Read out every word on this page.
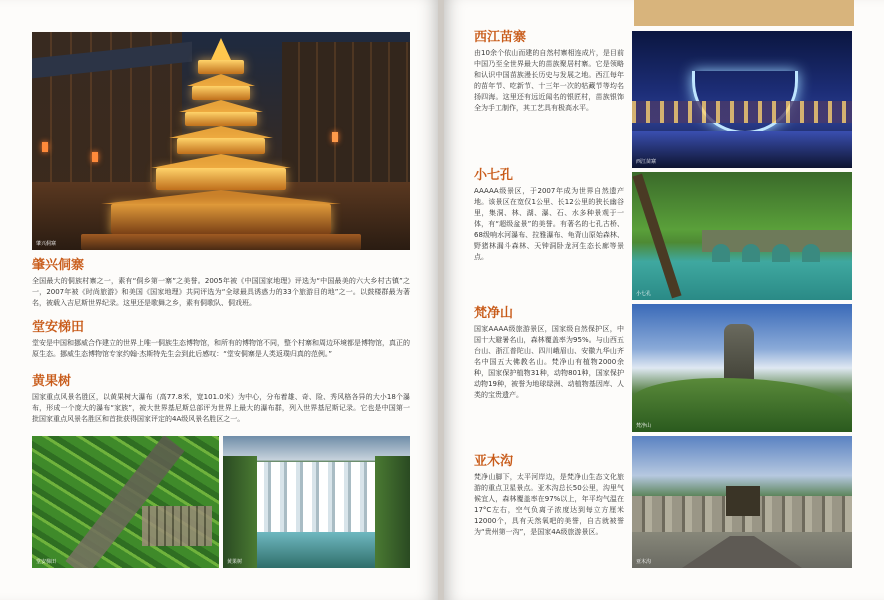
肇兴侗寨
肇兴侗寨

全国最大的侗族村寨之一，素有“侗乡第一寨”之美誉。2005年被《中国国家地理》评选为“中国最美的六大乡村古镇”之一，2007年被《时尚旅游》和美国《国家地理》共同评选为“全球最具诱惑力的33个旅游目的地”之一。以鼓楼群最为著名，被载入吉尼斯世界纪录。这里还是歌舞之乡，素有侗歌队、侗戏班。

堂安梯田

堂安是中国和挪威合作建立的世界上唯一侗族生态博物馆，和所有的博物馆不同，整个村寨和周边环境都是博物馆，真正的原生态。挪威生态博物馆专家约翰·杰斯特先生会到此后感叹：“堂安侗寨是人类返璞归真的范例。”

黄果树

国家重点风景名胜区，以黄果树大瀑布（高77.8米，宽101.0米）为中心，分布着雄、奇、险、秀风格各异的大小18个瀑布，形成一个庞大的瀑布“家族”，被大世界基尼斯总部评为世界上最大的瀑布群，列入世界基尼斯记录。它也是中国第一批国家重点风景名胜区和首批获得国家评定的4A级风景名胜区之一。

堂安梯田	黄果树
西江苗寨

由10余个依山而建的自然村寨相连成片，是目前中国乃至全世界最大的苗族聚居村寨。它是领略和认识中国苗族漫长历史与发展之地。西江每年的苗年节、吃新节、十三年一次的牯藏节等均名扬四海。这里还有远近闻名的银匠村，苗族银饰全为手工制作，其工艺具有极高水平。

小七孔

AAAAA级景区，于2007年成为世界自然遗产地。该景区在宽仅1公里、长12公里的狭长幽谷里，集洞、林、湖、瀑、石、水多种景观于一体，有“超级盆景”的美誉。有著名的七孔古桥、68级响水河瀑布、拉雅瀑布、龟背山原始森林、野猪林漏斗森林、天钟洞卧龙河生态长廊等景点。

梵净山

国家AAAA级旅游景区，国家级自然保护区，中国十大避暑名山，森林覆盖率为95%。与山西五台山、浙江普陀山、四川峨眉山、安徽九华山齐名中国五大佛教名山。梵净山有植物2000余种，国家保护植物31种，动物801种，国家保护动物19种，被誉为地球绿洲、动植物基因库、人类的宝贵遗产。

亚木沟

梵净山脚下，太平河岸边，是梵净山生态文化旅游的重点卫星景点。亚木沟总长50公里，沟里气候宜人，森林覆盖率在97%以上，年平均气温在17°C左右，空气负离子浓度达到每立方厘米12000个，具有天然氧吧的美誉，自古就被誉为“贵州第一沟”，是国家4A级旅游景区。

西江苗寨
小七孔
梵净山
亚木沟
